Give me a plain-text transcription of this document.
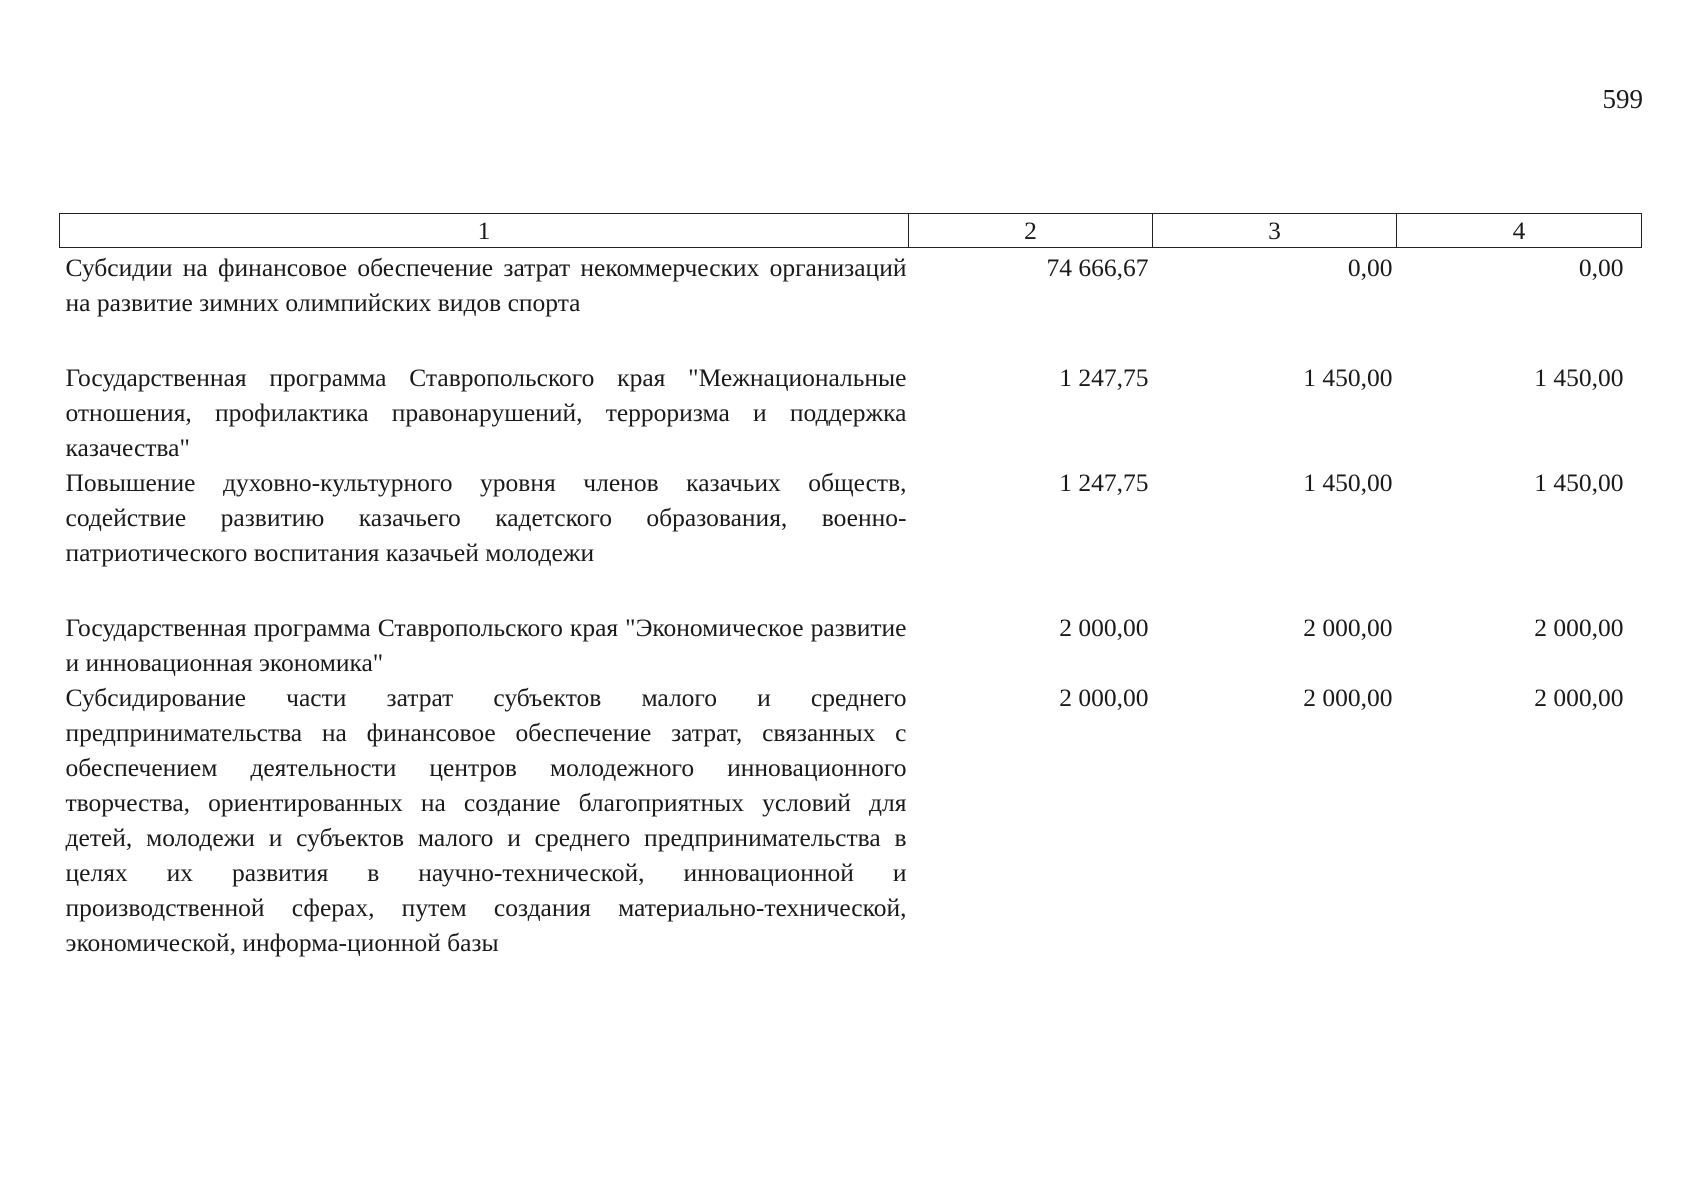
599
1	2	3	4
Субсидии на финансовое обеспечение затрат некоммерческих организаций на развитие зимних олимпийских видов спорта	74 666,67	0,00	0,00
Государственная программа Ставропольского края "Межнациональные отношения, профилактика правонарушений, терроризма и поддержка казачества"	1 247,75	1 450,00	1 450,00
Повышение духовно-культурного уровня членов казачьих обществ, содействие развитию казачьего кадетского образования, военно-патриотического воспитания казачьей молодежи	1 247,75	1 450,00	1 450,00
Государственная программа Ставропольского края "Экономическое развитие и инновационная экономика"	2 000,00	2 000,00	2 000,00
Субсидирование части затрат субъектов малого и среднего предпринимательства на финансовое обеспечение затрат, связанных с обеспечением деятельности центров молодежного инновационного творчества, ориентированных на создание благоприятных условий для детей, молодежи и субъектов малого и среднего предпринимательства в целях их развития в научно-технической, инновационной и производственной сферах, путем создания материально-технической, экономической, информа-ционной базы	2 000,00	2 000,00	2 000,00
